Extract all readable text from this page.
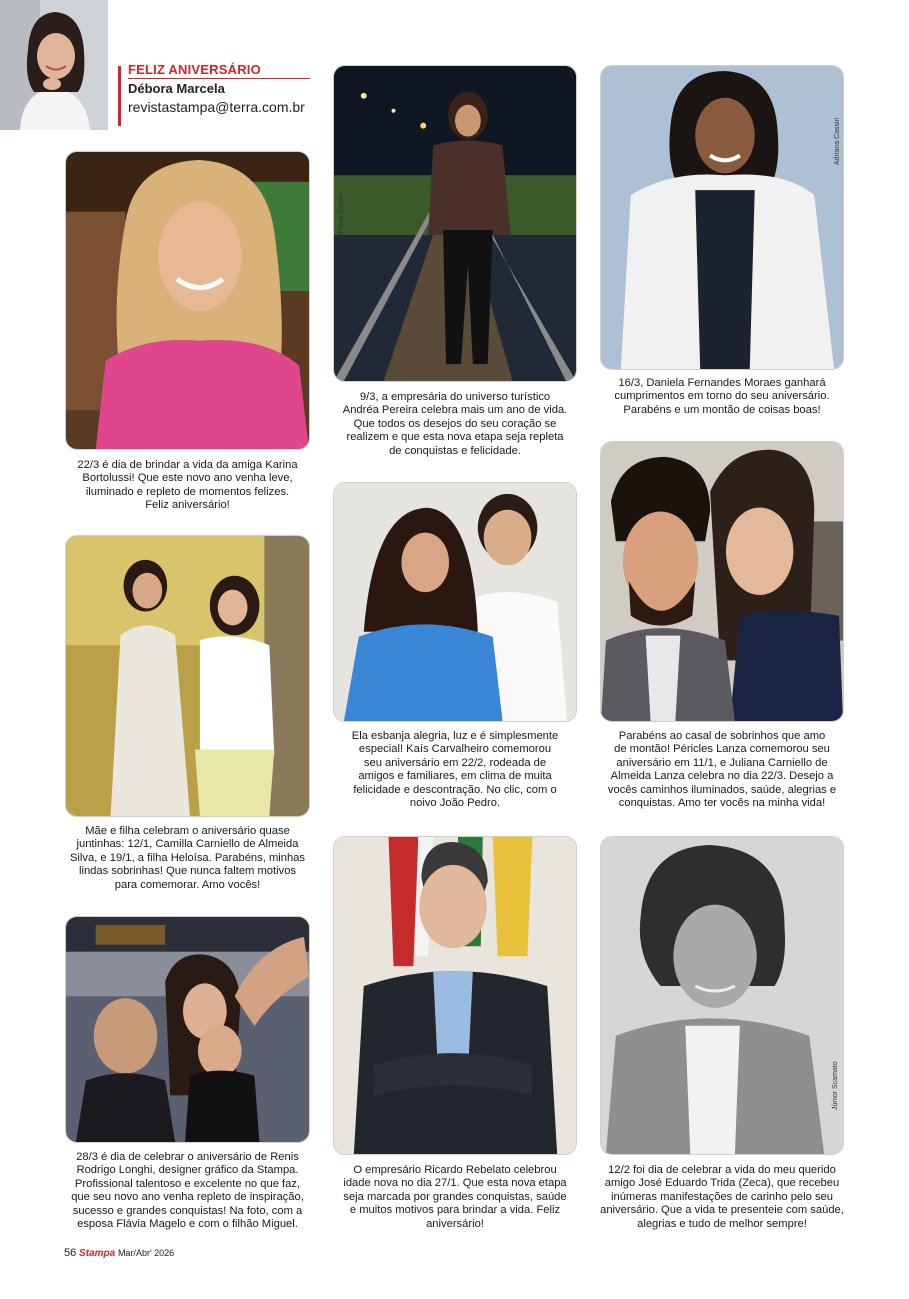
FELIZ ANIVERSÁRIO
Débora Marcela
revistastampa@terra.com.br
Adriana Cassin
Adriana Cassin
Júnior Scamato
22/3 é dia de brindar a vida da amiga Karina
Bortolussi! Que este novo ano venha leve,
iluminado e repleto de momentos felizes.
Feliz aniversário!
9/3, a empresária do universo turístico
Andréa Pereira celebra mais um ano de vida.
Que todos os desejos do seu coração se
realizem e que esta nova etapa seja repleta
de conquistas e felicidade.
16/3, Daniela Fernandes Moraes ganhará
cumprimentos em torno do seu aniversário.
Parabéns e um montão de coisas boas!
Mãe e filha celebram o aniversário quase
juntinhas: 12/1, Camilla Carniello de Almeida
Silva, e 19/1, a filha Heloísa. Parabéns, minhas
lindas sobrinhas! Que nunca faltem motivos
para comemorar. Amo vocês!
Ela esbanja alegria, luz e é simplesmente
especial! Kaís Carvalheiro comemorou
seu aniversário em 22/2, rodeada de
amigos e familiares, em clima de muita
felicidade e descontração. No clic, com o
noivo João Pedro.
Parabéns ao casal de sobrinhos que amo
de montão! Péricles Lanza comemorou seu
aniversário em 11/1, e Juliana Carniello de
Almeida Lanza celebra no dia 22/3. Desejo a
vocês caminhos iluminados, saúde, alegrias e
conquistas. Amo ter vocês na minha vida!
28/3 é dia de celebrar o aniversário de Renis
Rodrigo Longhi, designer gráfico da Stampa.
Profissional talentoso e excelente no que faz,
que seu novo ano venha repleto de inspiração,
sucesso e grandes conquistas! Na foto, com a
esposa Flávia Magelo e com o filhão Miguel.
O empresário Ricardo Rebelato celebrou
idade nova no dia 27/1. Que esta nova etapa
seja marcada por grandes conquistas, saúde
e muitos motivos para brindar a vida. Feliz
aniversário!
12/2 foi dia de celebrar a vida do meu querido
amigo José Eduardo Trida (Zeca), que recebeu
inúmeras manifestações de carinho pelo seu
aniversário. Que a vida te presenteie com saúde,
alegrias e tudo de melhor sempre!
56 Stampa Mar/Abr' 2026
